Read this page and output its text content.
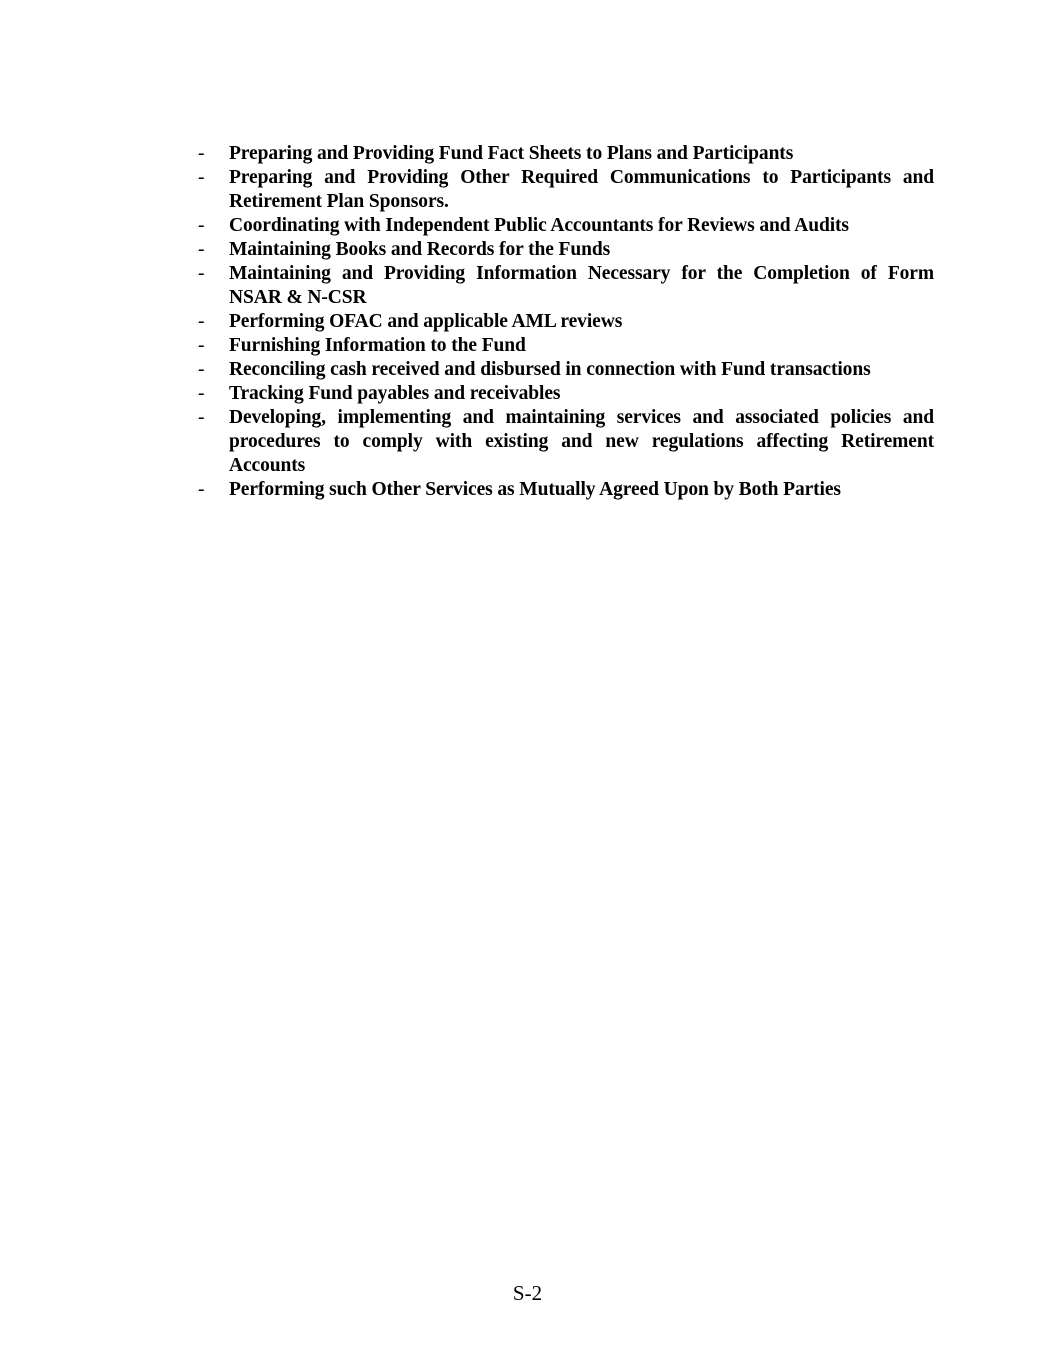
- Preparing and Providing Fund Fact Sheets to Plans and Participants
- Preparing and Providing Other Required Communications to Participants and Retirement Plan Sponsors.
- Coordinating with Independent Public Accountants for Reviews and Audits
- Maintaining Books and Records for the Funds
- Maintaining and Providing Information Necessary for the Completion of Form NSAR & N-CSR
- Performing OFAC and applicable AML reviews
- Furnishing Information to the Fund
- Reconciling cash received and disbursed in connection with Fund transactions
- Tracking Fund payables and receivables
- Developing, implementing and maintaining services and associated policies and procedures to comply with existing and new regulations affecting Retirement Accounts
- Performing such Other Services as Mutually Agreed Upon by Both Parties
S-2
